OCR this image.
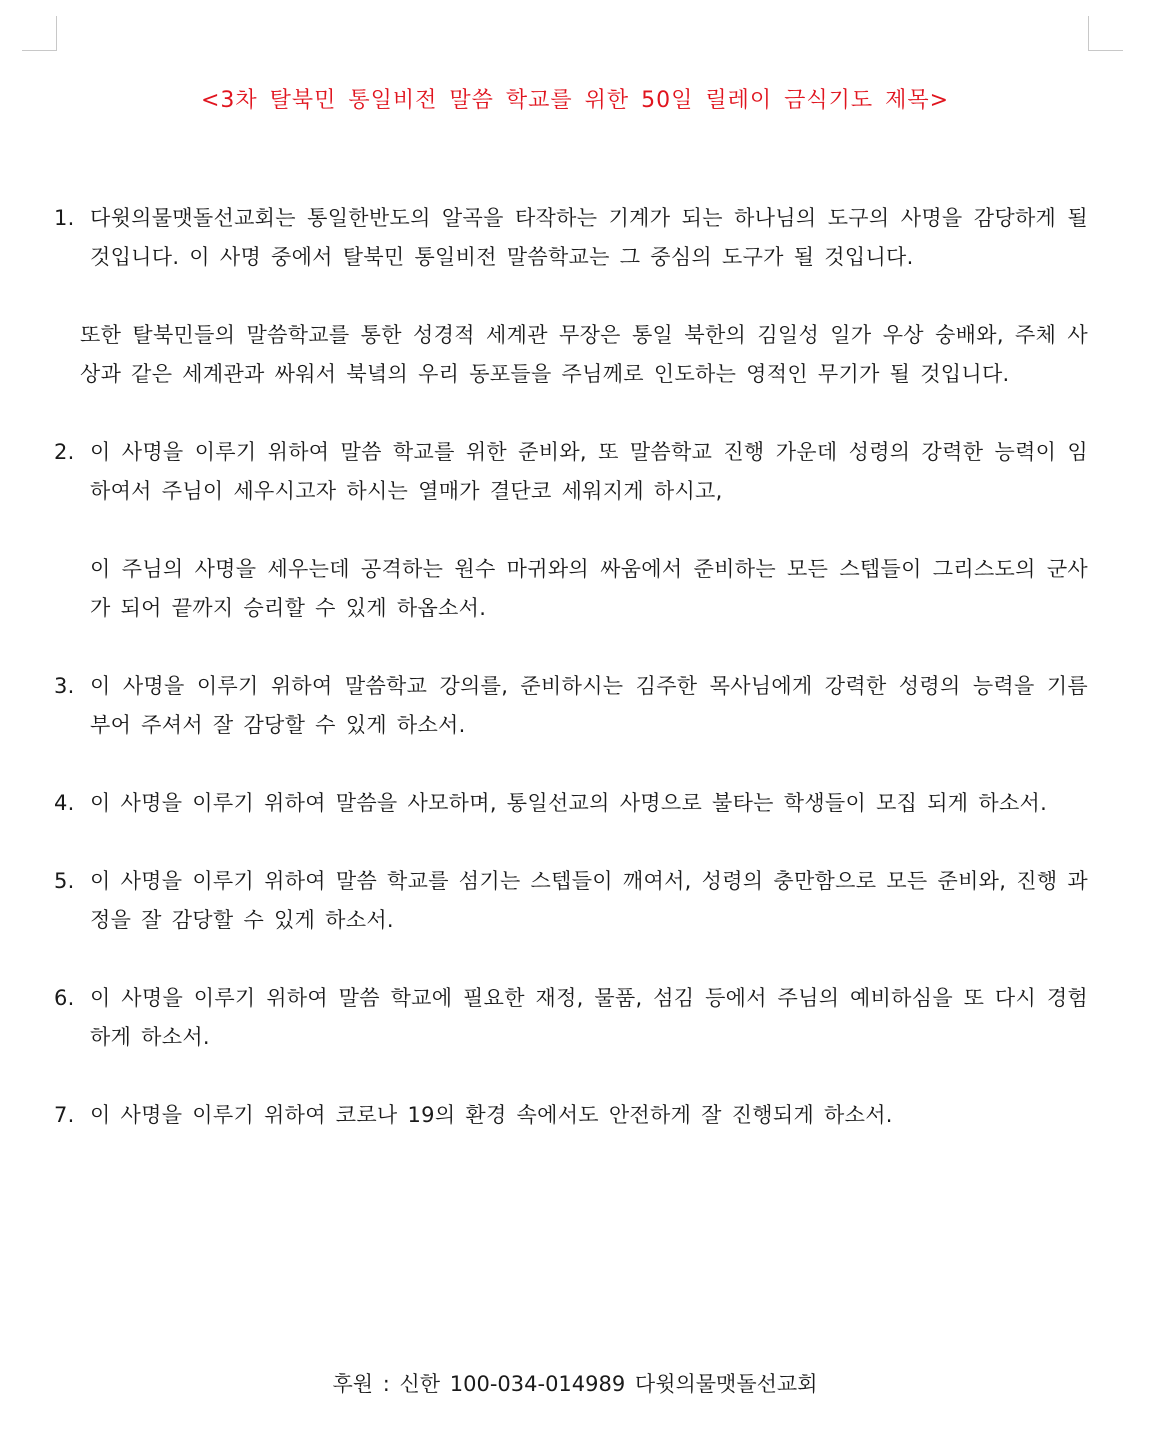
<3차 탈북민 통일비전 말씀 학교를 위한 50일 릴레이 금식기도 제목>
1. 다윗의물맷돌선교회는 통일한반도의 알곡을 타작하는 기계가 되는 하나님의 도구의 사명을 감당하게 될 것입니다. 이 사명 중에서 탈북민 통일비전 말씀학교는 그 중심의 도구가 될 것입니다.

또한 탈북민들의 말씀학교를 통한 성경적 세계관 무장은 통일 북한의 김일성 일가 우상 숭배와, 주체 사상과 같은 세계관과 싸워서 북녘의 우리 동포들을 주님께로 인도하는 영적인 무기가 될 것입니다.

2. 이 사명을 이루기 위하여 말씀 학교를 위한 준비와, 또 말씀학교 진행 가운데 성령의 강력한 능력이 임하여서 주님이 세우시고자 하시는 열매가 결단코 세워지게 하시고,

이 주님의 사명을 세우는데 공격하는 원수 마귀와의 싸움에서 준비하는 모든 스텝들이 그리스도의 군사가 되어 끝까지 승리할 수 있게 하옵소서.

3. 이 사명을 이루기 위하여 말씀학교 강의를, 준비하시는 김주한 목사님에게 강력한 성령의 능력을 기름 부어 주셔서 잘 감당할 수 있게 하소서.

4. 이 사명을 이루기 위하여 말씀을 사모하며, 통일선교의 사명으로 불타는 학생들이 모집 되게 하소서.

5. 이 사명을 이루기 위하여 말씀 학교를 섬기는 스텝들이 깨여서, 성령의 충만함으로 모든 준비와, 진행 과정을 잘 감당할 수 있게 하소서.

6. 이 사명을 이루기 위하여 말씀 학교에 필요한 재정, 물품, 섬김 등에서 주님의 예비하심을 또 다시 경험하게 하소서.

7. 이 사명을 이루기 위하여 코로나 19의 환경 속에서도 안전하게 잘 진행되게 하소서.

후원 : 신한 100-034-014989 다윗의물맷돌선교회
